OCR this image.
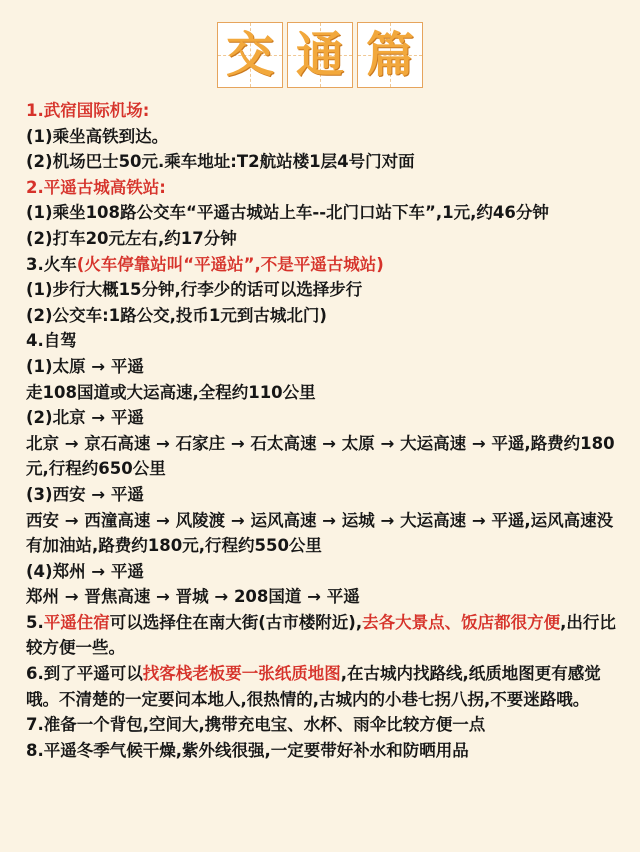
交 通 篇
1.武宿国际机场:
(1)乘坐高铁到达。
(2)机场巴士50元.乘车地址:T2航站楼1层4号门对面
2.平遥古城高铁站:
(1)乘坐108路公交车“平遥古城站上车--北门口站下车”,1元,约46分钟
(2)打车20元左右,约17分钟
3.火车(火车停靠站叫“平遥站”,不是平遥古城站)
(1)步行大概15分钟,行李少的话可以选择步行
(2)公交车:1路公交,投币1元到古城北门)
4.自驾
(1)太原 → 平遥
走108国道或大运高速,全程约110公里
(2)北京 → 平遥
北京 → 京石高速 → 石家庄 → 石太高速 → 太原 → 大运高速 → 平遥,路费约180元,行程约650公里
(3)西安 → 平遥
西安 → 西潼高速 → 风陵渡 → 运风高速 → 运城 → 大运高速 → 平遥,运风高速没有加油站,路费约180元,行程约550公里
(4)郑州 → 平遥
郑州 → 晋焦高速 → 晋城 → 208国道 → 平遥
5.平遥住宿可以选择住在南大街(古市楼附近),去各大景点、饭店都很方便,出行比较方便一些。
6.到了平遥可以找客栈老板要一张纸质地图,在古城内找路线,纸质地图更有感觉哦。不清楚的一定要问本地人,很热情的,古城内的小巷七拐八拐,不要迷路哦。
7.准备一个背包,空间大,携带充电宝、水杯、雨伞比较方便一点
8.平遥冬季气候干燥,紫外线很强,一定要带好补水和防晒用品
